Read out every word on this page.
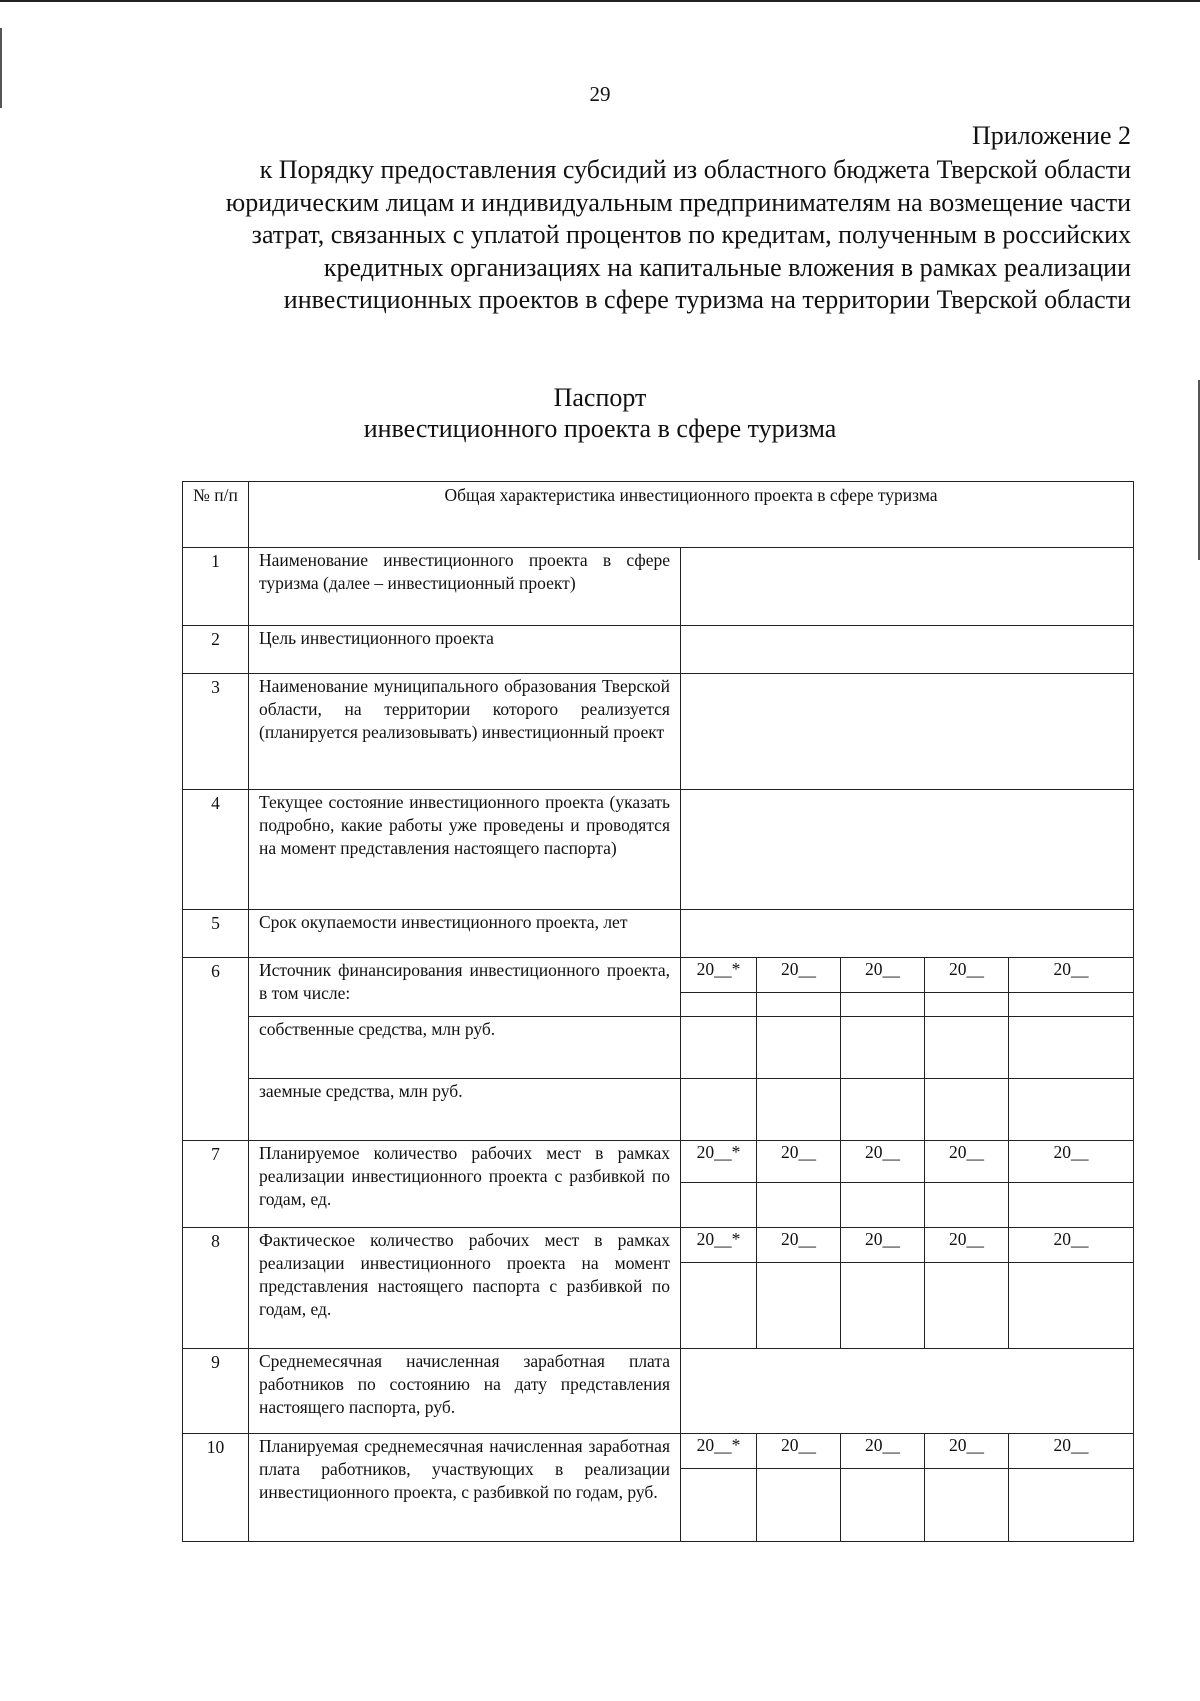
29
Приложение 2
к Порядку предоставления субсидий из областного бюджета Тверской области юридическим лицам и индивидуальным предпринимателям на возмещение части затрат, связанных с уплатой процентов по кредитам, полученным в российских кредитных организациях на капитальные вложения в рамках реализации инвестиционных проектов в сфере туризма на территории Тверской области
Паспорт
инвестиционного проекта в сфере туризма
№ п/п	Общая характеристика инвестиционного проекта в сфере туризма					
1	Наименование инвестиционного проекта в сфере туризма (далее – инвестиционный проект)					
2	Цель инвестиционного проекта					
3	Наименование муниципального образования Тверской области, на территории которого реализуется (планируется реализовывать) инвестиционный проект					
4	Текущее состояние инвестиционного проекта (указать подробно, какие работы уже проведены и проводятся на момент представления настоящего паспорта)					
5	Срок окупаемости инвестиционного проекта, лет					
6	Источник финансирования инвестиционного проекта, в том числе:	20__*	20__	20__	20__	20__

	собственные средства, млн руб.					
	заемные средства, млн руб.					
7	Планируемое количество рабочих мест в рамках реализации инвестиционного проекта с разбивкой по годам, ед.	20__*	20__	20__	20__	20__

8	Фактическое количество рабочих мест в рамках реализации инвестиционного проекта на момент представления настоящего паспорта с разбивкой по годам, ед.	20__*	20__	20__	20__	20__

9	Среднемесячная начисленная заработная плата работников по состоянию на дату представления настоящего паспорта, руб.					
10	Планируемая среднемесячная начисленная заработная плата работников, участвующих в реализации инвестиционного проекта, с разбивкой по годам, руб.	20__*	20__	20__	20__	20__
